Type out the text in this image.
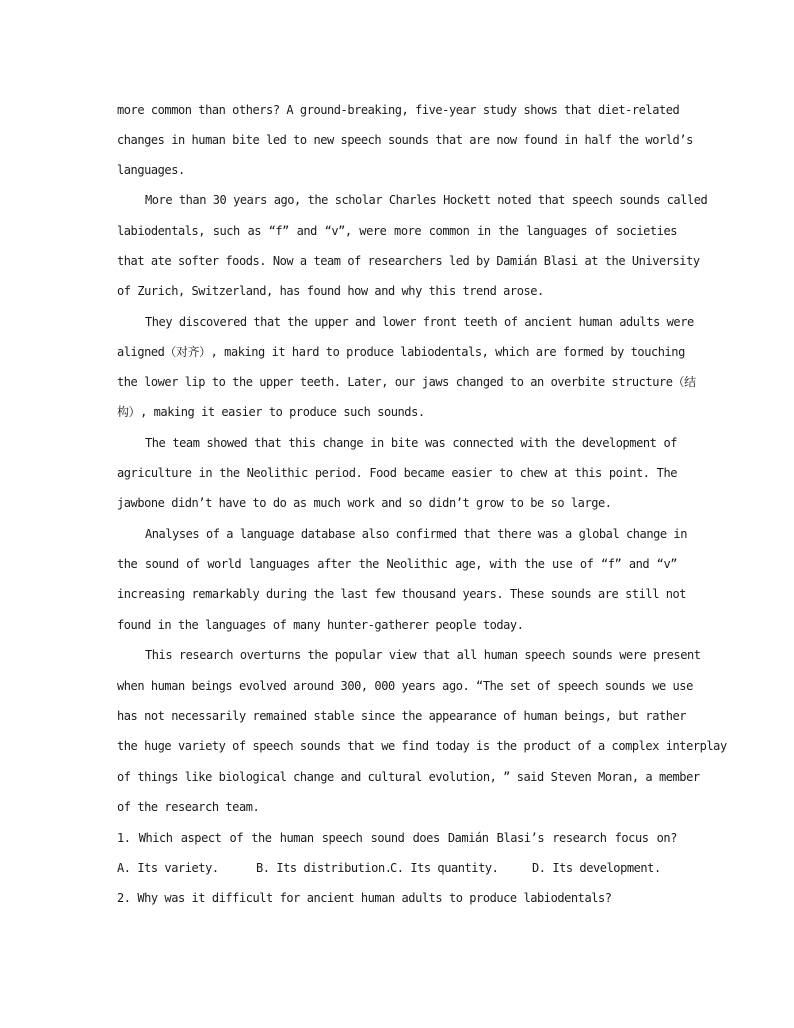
more common than others? A ground-breaking, five-year study shows that diet-related
changes in human bite led to new speech sounds that are now found in half the world’s
languages.
More than 30 years ago, the scholar Charles Hockett noted that speech sounds called
labiodentals, such as “f” and “v”, were more common in the languages of societies
that ate softer foods. Now a team of researchers led by Damián Blasi at the University
of Zurich, Switzerland, has found how and why this trend arose.
They discovered that the upper and lower front teeth of ancient human adults were
aligned（对齐）, making it hard to produce labiodentals, which are formed by touching
the lower lip to the upper teeth. Later, our jaws changed to an overbite structure（结
构）, making it easier to produce such sounds.
The team showed that this change in bite was connected with the development of
agriculture in the Neolithic period. Food became easier to chew at this point. The
jawbone didn’t have to do as much work and so didn’t grow to be so large.
Analyses of a language database also confirmed that there was a global change in
the sound of world languages after the Neolithic age, with the use of “f” and “v”
increasing remarkably during the last few thousand years. These sounds are still not
found in the languages of many hunter-gatherer people today.
This research overturns the popular view that all human speech sounds were present
when human beings evolved around 300, 000 years ago. “The set of speech sounds we use
has not necessarily remained stable since the appearance of human beings, but rather
the huge variety of speech sounds that we find today is the product of a complex interplay
of things like biological change and cultural evolution, ” said Steven Moran, a member
of the research team.
1. Which aspect of the human speech sound does Damián Blasi’s research focus on?
A. Its variety.	B. Its distribution.
C. Its quantity.	D. Its development.
2. Why was it difficult for ancient human adults to produce labiodentals?
